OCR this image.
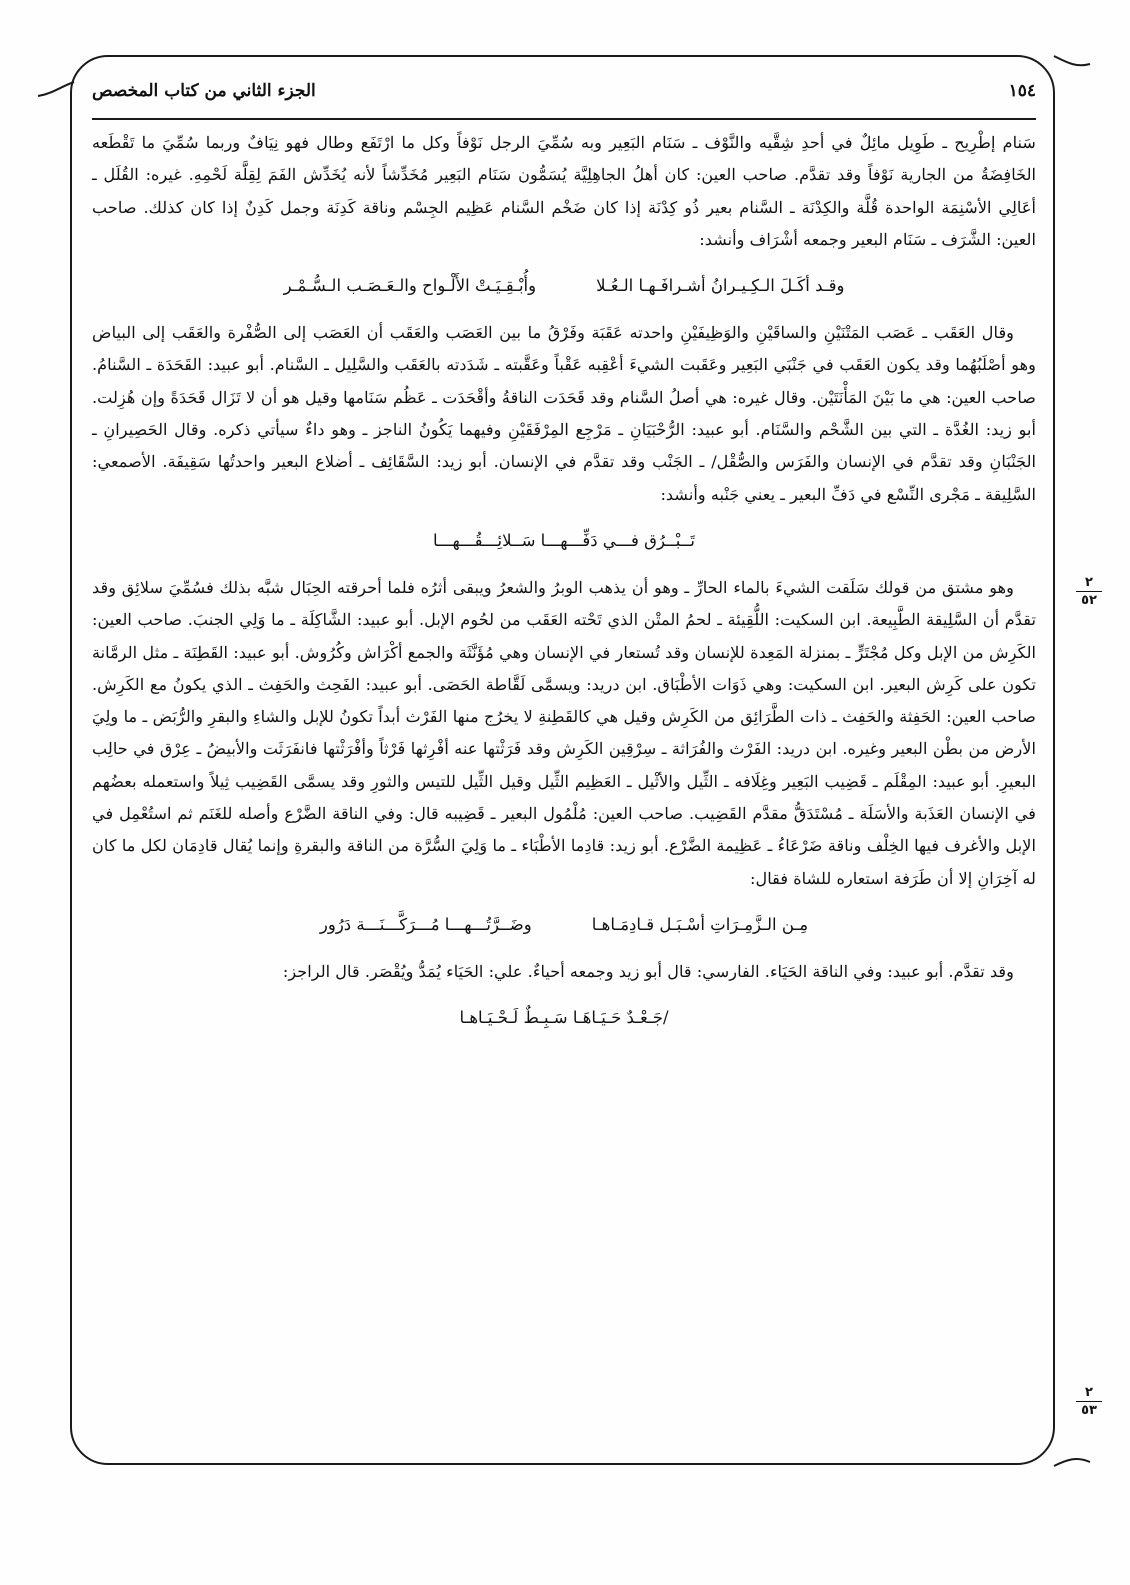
١٥٤
الجزء الثاني من كتاب المخصص

سَنام إطْرِيح ـ طَوِيل مائِلٌ في أحدِ شِقَّيه والنَّوْف ـ سَنَام البَعِير وبه سُمِّيَ الرجل نَوْفاً وكل ما ارْتَفَع وطال فهو نِيَافٌ وربما سُمِّيَ ما تَقْطَعه الخَافِضَةُ من الجارية نَوْفاً وقد تقدَّم. صاحب العين: كان أهلُ الجاهِلِيَّة يُسَمُّون سَنَام البَعِير مُخَدِّشاً لأنه يُخَدِّش الفَمَ لِقِلَّة لَحْمِهِ. غيره: القُلَل ـ أعَالِي الأسْنِمَة الواحدة قُلَّة والكِدْنَة ـ السَّنام بعير ذُو كِدْنَة إذا كان ضَخْم السَّنام عَظِيم الجِسْم وناقة كَدِنَة وجمل كَدِنٌ إذا كان كذلك. صاحب العين: الشَّرَف ـ سَنَام البعير وجمعه أشْرَاف وأنشد:

وقـد أكَـلَ الـكِـيـرانُ أشـرافَـهـا الـعُـلا
وأُبْـقِـيَـتْ الأَلْـواح والـعَـصَـب الـسُّـمْـر

وقال العَقَب ـ عَصَب المَتْنَيْنِ والساقَيْنِ والوَظِيفَيْنِ واحدته عَقَبَة وفَرْقُ ما بين العَصَب والعَقَب أن العَصَب إلى الصُّفْرة والعَقَب إلى البياض وهو أصْلَبُهُما وقد يكون العَقَب في جَنْبَي البَعِير وعَقَبت الشيءَ أعْقِبه عَقْباً وعَقَّبته ـ شَدَدته بالعَقَب والسَّلِيل ـ السَّنام. أبو عبيد: القَحَدَة ـ السَّنامُ. صاحب العين: هي ما بَيْنَ المَأْنَتَيْن. وقال غيره: هي أصلُ السَّنام وقد قَحَدَت الناقةُ وأقْحَدَت ـ عَظُم سَنَامها وقيل هو أن لا تَزَال قَحَدَةً وإن هُزِلت. أبو زيد: الغُدَّة ـ التي بين الشَّحْم والسَّنَام. أبو عبيد: الرُّحْبَيَانِ ـ مَرْجِع المِرْفَقَيْنِ وفيهما يَكُونُ الناجز ـ وهو داءٌ سيأتي ذكره. وقال الحَصِيرانِ ـ الجَنْبَانِ وقد تقدَّم في الإنسان والفَرَس والصُّقْل/ ـ الجَنْب وقد تقدَّم في الإنسان. أبو زيد: السَّقَائِف ـ أضلاع البعير واحدتُها سَقِيفَة. الأصمعي: السَّلِيقة ـ مَجْرى النِّسْع في دَفِّ البعير ـ يعني جَنْبه وأنشد:

تَــبْــرُق فـــي دَفِّـــهـــا سَــلائِـــقُـــهـــا

وهو مشتق من قولك سَلَقت الشيءَ بالماء الحارِّ ـ وهو أن يذهب الوبرُ والشعرُ ويبقى أثرُه فلما أحرقته الحِبَال شبَّه بذلك فسُمِّيَ سلائِق وقد تقدَّم أن السَّلِيقة الطَّبِيعة. ابن السكيت: اللُّقِيئة ـ لحمُ المتْن الذي تَحْته العَقَب من لحُوم الإبل. أبو عبيد: الشَّاكِلَة ـ ما وَلِي الجنبَ. صاحب العين: الكَرِش من الإبل وكل مُجْتَرٍّ ـ بمنزلة المَعِدة للإنسان وقد تُستعار في الإنسان وهي مُؤَنَّثَة والجمع أكْرَاش وكُرُوش. أبو عبيد: القَطِنَة ـ مثل الرمَّانة تكون على كَرِش البعير. ابن السكيت: وهي ذَوَات الأطْبَاق. ابن دريد: ويسمَّى لَقَّاطة الحَصَى. أبو عبيد: الفَحِث والحَفِث ـ الذي يكونُ مع الكَرِش. صاحب العين: الحَفِثة والحَفِث ـ ذات الطَّرَائِق من الكَرِش وقيل هي كالقَطِنةِ لا يخرُج منها الفَرْث أبداً تكونُ للإبل والشاءِ والبقرِ والرُّبَض ـ ما ولِيَ الأرض من بطْن البعير وغيره. ابن دريد: الفَرْث والفُرَاثة ـ سِرْقِين الكَرِش وقد فَرَثْتها عنه أفْرِثها فَرْثاً وأفْرَثْتها فانفَرَثَت والأبيضُ ـ عِرْق في حالِب البعيرِ. أبو عبيد: المِقْلَم ـ قَضِيب البَعِير وغِلَافه ـ الثِّيل والأثْيل ـ العَظِيم الثِّيل وقيل الثِّيل للتيس والثورِ وقد يسمَّى القَضِيب ثِيلاً واستعمله بعضُهم في الإنسان العَذَبة والأسَلَة ـ مُسْتَدَقُّ مقدَّم القَضِيب. صاحب العين: مُلْمُول البعير ـ قَضِيبه قال: وفي الناقة الضَّرْع وأصله للغَنَم ثم استُعْمِل في الإبل والأغرف فيها الخِلْف وناقة ضَرْعَاءُ ـ عَظِيمة الضَّرْع. أبو زيد: قادِما الأطْبَاء ـ ما وَلِيَ السُّرَّة من الناقة والبقرةِ وإنما يُقال قادِمَان لكل ما كان له آخِرَانِ إلا أن طَرَفة استعاره للشاة فقال:

مِـن الـزَّمِـرَاتِ أسْـبَـل قـادِمَـاهـا
وضَــرَّتُـــهـــا مُـــرَكَّـــنَـــة دَرُور

وقد تقدَّم. أبو عبيد: وفي الناقة الحَيَاء. الفارسي: قال أبو زيد وجمعه أحياءٌ. علي: الحَيَاء يُمَدُّ ويُقْصَر. قال الراجز:

/جَـعْـدٌ حَـيَـاهَـا سَـبِـطٌ لَـحْـيَـاهـا
٢
٥٢
٢
٥٣
